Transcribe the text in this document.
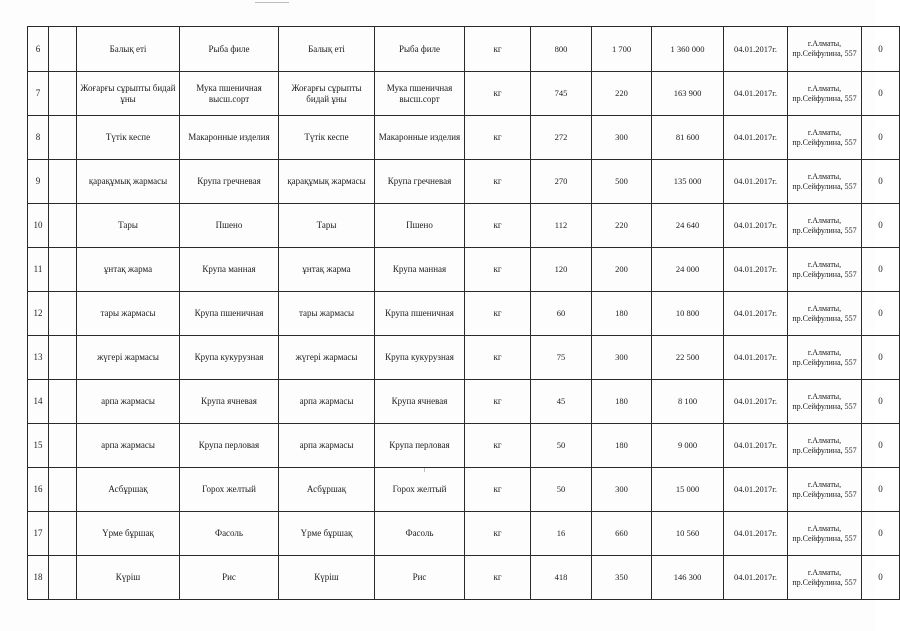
6		Балық еті	Рыба филе	Балық еті	Рыба филе	кг	800	1 700	1 360 000	04.01.2017г.	г.Алматы, пр.Сейфулина, 557	0
7		Жоғарғы сұрыпты бидай ұны	Мука пшеничная высш.сорт	Жоғарғы сұрыпты бидай ұны	Мука пшеничная высш.сорт	кг	745	220	163 900	04.01.2017г.	г.Алматы, пр.Сейфулина, 557	0
8		Түтік кеспе	Макаронные изделия	Түтік кеспе	Макаронные изделия	кг	272	300	81 600	04.01.2017г.	г.Алматы, пр.Сейфулина, 557	0
9		қарақұмық жармасы	Крупа гречневая	қарақұмық жармасы	Крупа гречневая	кг	270	500	135 000	04.01.2017г.	г.Алматы, пр.Сейфулина, 557	0
10		Тары	Пшено	Тары	Пшено	кг	112	220	24 640	04.01.2017г.	г.Алматы, пр.Сейфулина, 557	0
11		ұнтақ жарма	Крупа манная	ұнтақ жарма	Крупа манная	кг	120	200	24 000	04.01.2017г.	г.Алматы, пр.Сейфулина, 557	0
12		тары жармасы	Крупа пшеничная	тары жармасы	Крупа пшеничная	кг	60	180	10 800	04.01.2017г.	г.Алматы, пр.Сейфулина, 557	0
13		жүгері жармасы	Крупа кукурузная	жүгері жармасы	Крупа кукурузная	кг	75	300	22 500	04.01.2017г.	г.Алматы, пр.Сейфулина, 557	0
14		арпа жармасы	Крупа ячневая	арпа жармасы	Крупа ячневая	кг	45	180	8 100	04.01.2017г.	г.Алматы, пр.Сейфулина, 557	0
15		арпа жармасы	Крупа перловая	арпа жармасы	Крупа перловая	кг	50	180	9 000	04.01.2017г.	г.Алматы, пр.Сейфулина, 557	0
16		Асбұршақ	Горох желтый	Асбұршақ	Горох желтый	кг	50	300	15 000	04.01.2017г.	г.Алматы, пр.Сейфулина, 557	0
17		Үрме бұршақ	Фасоль	Үрме бұршақ	Фасоль	кг	16	660	10 560	04.01.2017г.	г.Алматы, пр.Сейфулина, 557	0
18		Күріш	Рис	Күріш	Рис	кг	418	350	146 300	04.01.2017г.	г.Алматы, пр.Сейфулина, 557	0
